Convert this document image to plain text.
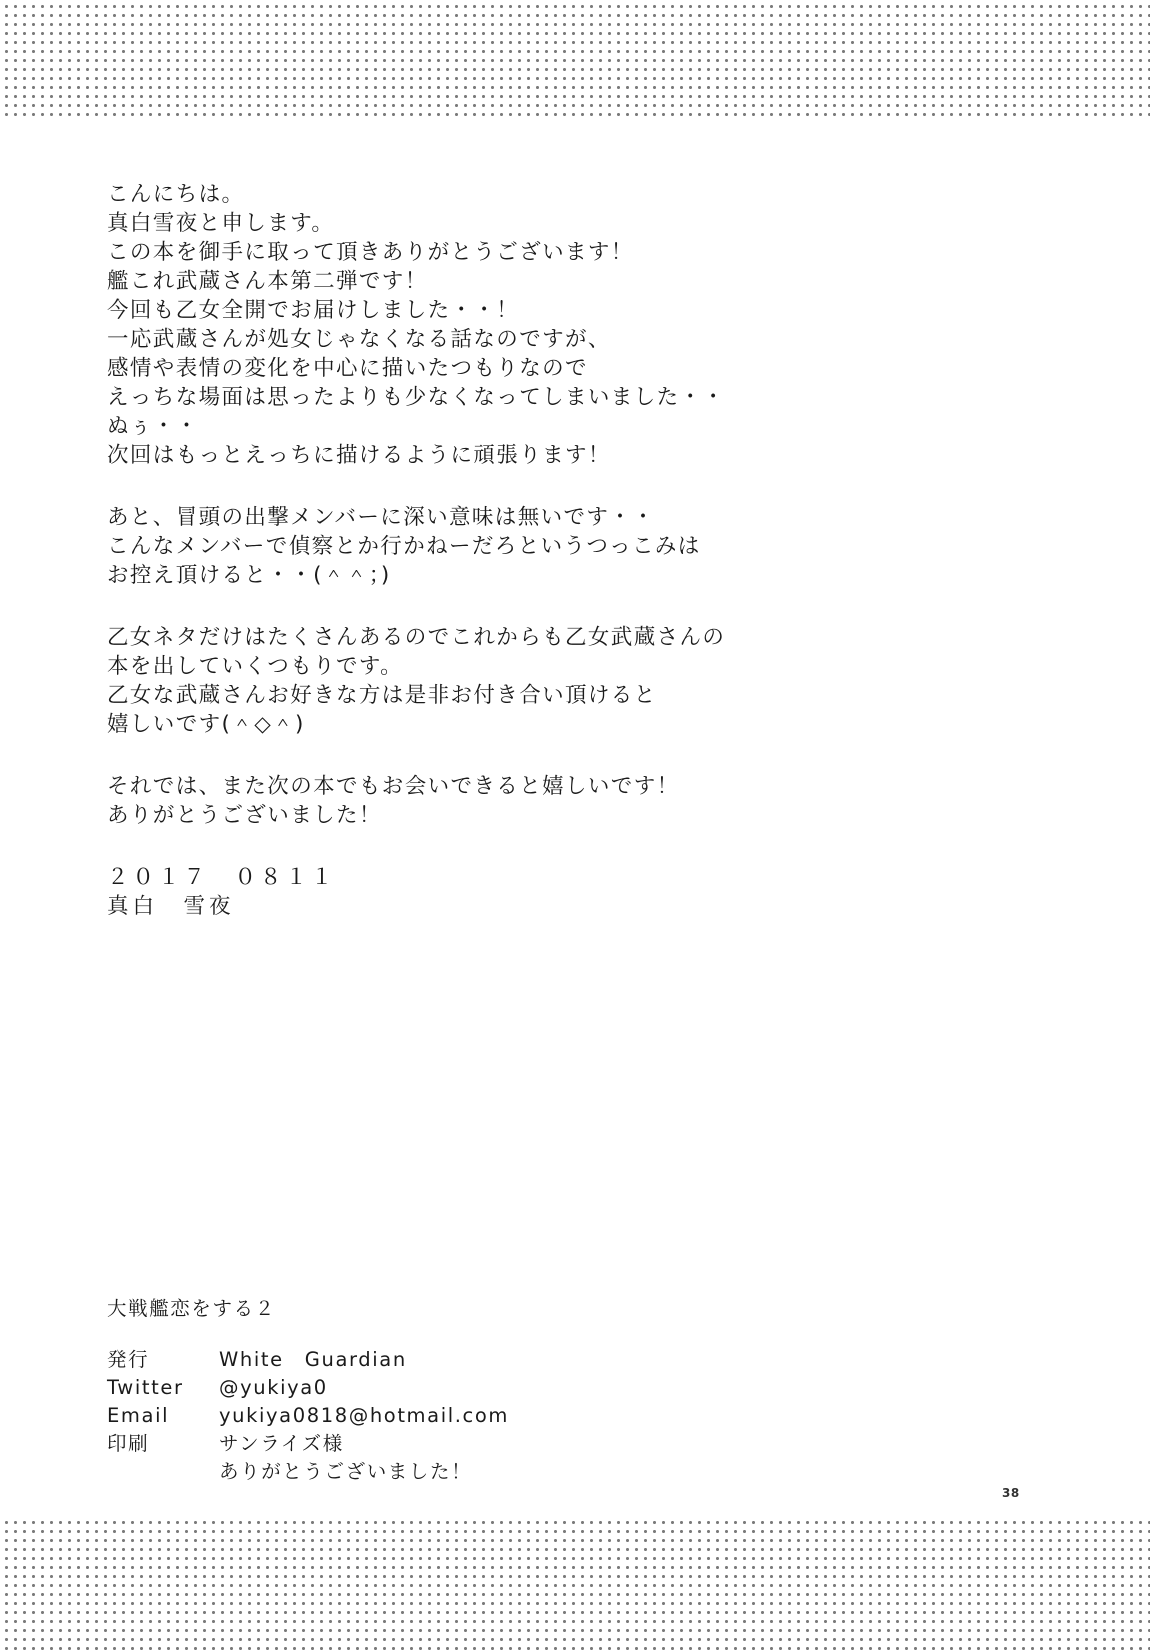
こんにちは。
真白雪夜と申します。
この本を御手に取って頂きありがとうございます！
艦これ武蔵さん本第二弾です！
今回も乙女全開でお届けしました・・！
一応武蔵さんが処女じゃなくなる話なのですが、
感情や表情の変化を中心に描いたつもりなので
えっちな場面は思ったよりも少なくなってしまいました・・
ぬぅ・・
次回はもっとえっちに描けるように頑張ります！
あと、冒頭の出撃メンバーに深い意味は無いです・・
こんなメンバーで偵察とか行かねーだろというつっこみは
お控え頂けると・・(＾＾；)
乙女ネタだけはたくさんあるのでこれからも乙女武蔵さんの
本を出していくつもりです。
乙女な武蔵さんお好きな方は是非お付き合い頂けると
嬉しいです(＾◇＾)
それでは、また次の本でもお会いできると嬉しいです！
ありがとうございました！
２０１７　０８１１
真白　雪夜
大戦艦恋をする２
発行	White　Guardian
Twitter	@yukiya0
Email	yukiya0818@hotmail.com
印刷	サンライズ様
ありがとうございました！
38
